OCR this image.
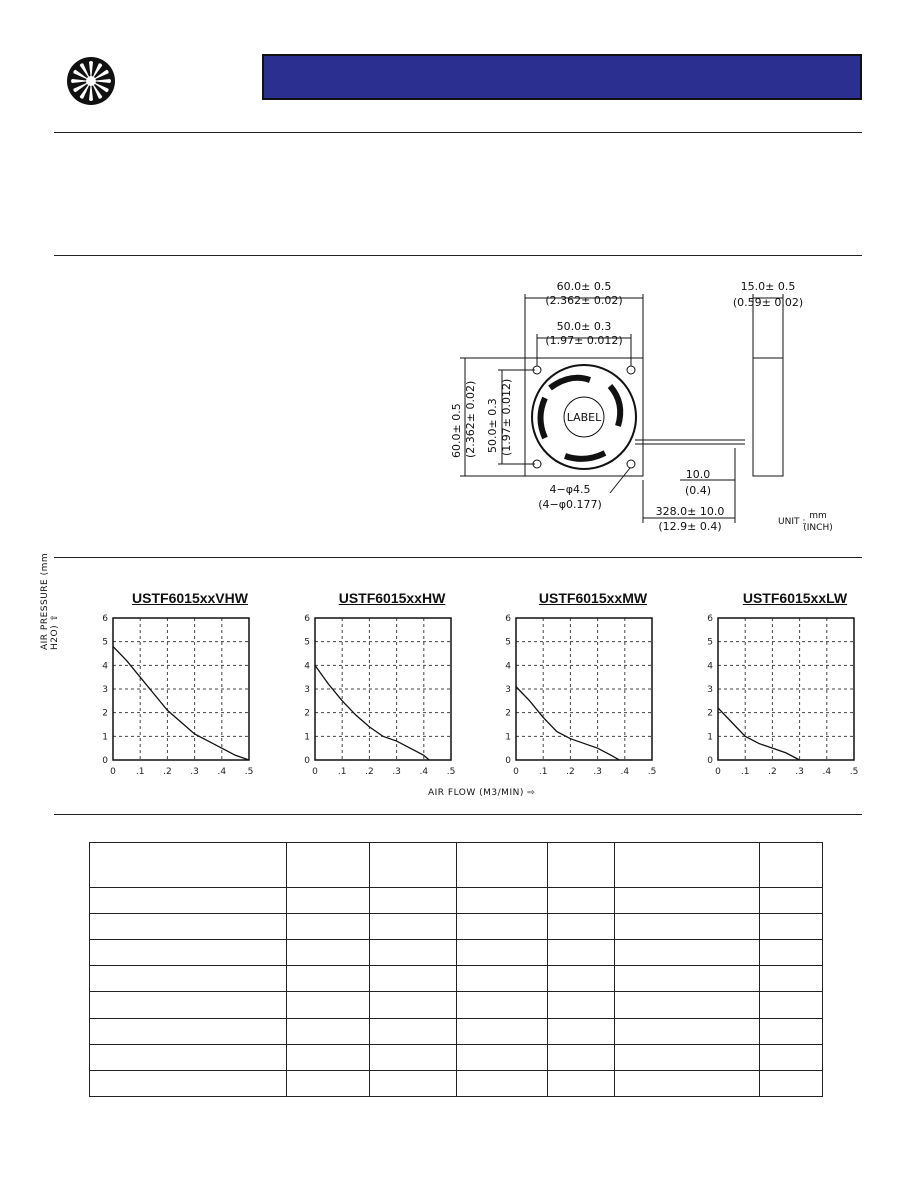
60.0± 0.5
(2.362± 0.02)
50.0± 0.3
(1.97± 0.012)
LABEL
60.0± 0.5 (2.362± 0.02) 50.0± 0.3 (1.97± 0.012)
4−φ4.5
(4−φ0.177)
15.0± 0.5
(0.59± 0.02)
10.0
(0.4)
328.0± 10.0
(12.9± 0.4)	UNIT :
mm
(INCH)
AIR PRESSURE (mm H2O) ⇧
USTF6015xxVHW
0 .1 .2 .3 .4 .5
0
1
2
3
4
5
6
USTF6015xxHW
0 .1 .2 .3 .4 .5
0
1
2
3
4
5
6
USTF6015xxMW
0 .1 .2 .3 .4 .5
0
1
2
3
4
5
6
USTF6015xxLW
0 .1 .2 .3 .4 .5
0
1
2
3
4
5
6
AIR FLOW (M3/MIN) ⇨
